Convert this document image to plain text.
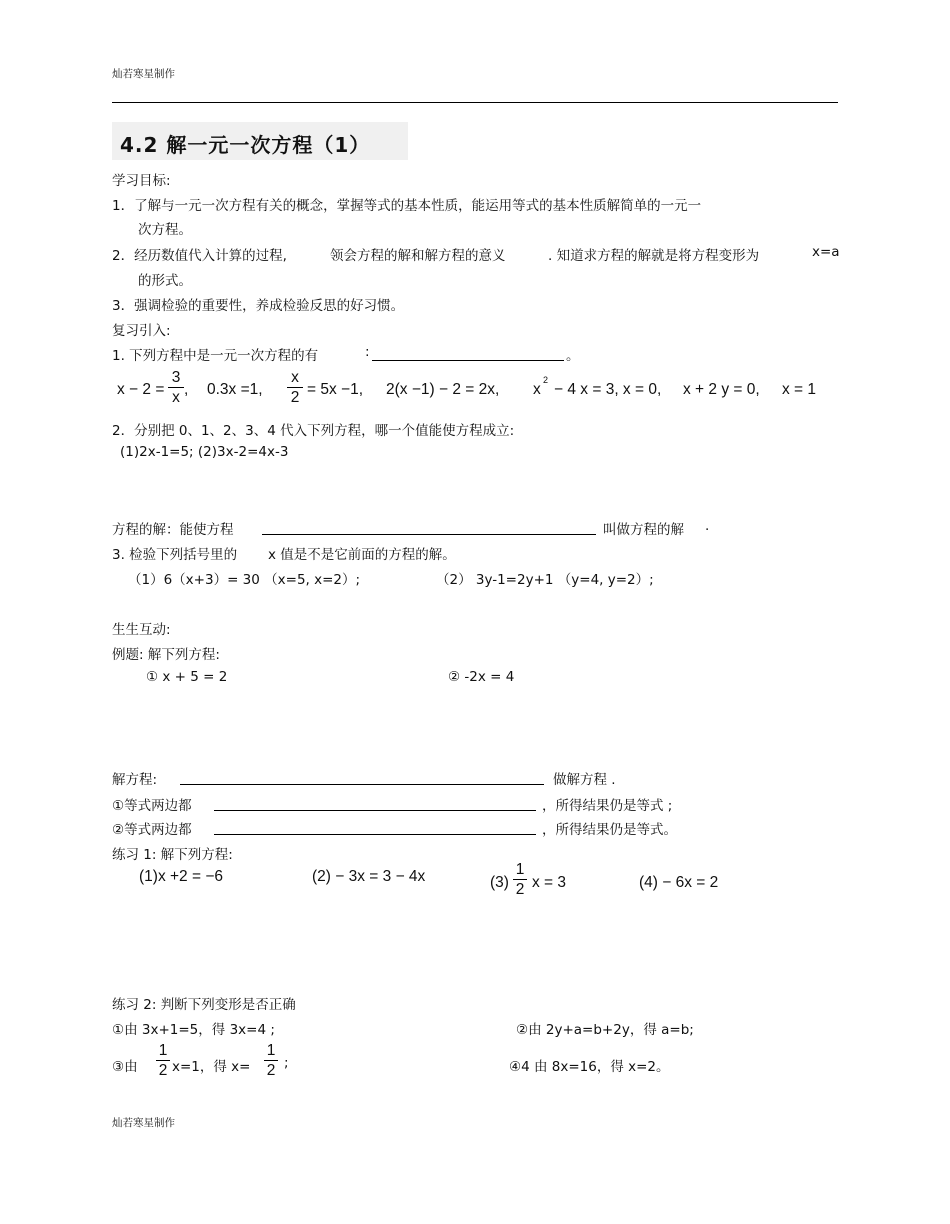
灿若寒星制作
4.2 解一元一次方程（1）
学习目标:
1．了解与一元一次方程有关的概念，掌握等式的基本性质，能运用等式的基本性质解简单的一元一
次方程。
2．经历数值代入计算的过程,	领会方程的解和解方程的意义	. 知道求方程的解就是将方程变形为	x=a
的形式。
3．强调检验的重要性，养成检验反思的好习惯。
复习引入:
1. 下列方程中是一元一次方程的有	:	。
x − 2 =
3
x , 0.3x =1,
x
2 = 5x −1, 2(x −1) − 2 = 2x, x
2
− 4 x = 3, x = 0, x + 2 y = 0, x = 1
2．分别把 0、1、2、3、4 代入下列方程，哪一个值能使方程成立:
(1)2x-1=5; (2)3x-2=4x-3
方程的解：能使方程	叫做方程的解 .
3. 检验下列括号里的 x 值是不是它前面的方程的解。
（1）6（x+3）= 30 （x=5, x=2）;	（2） 3y-1=2y+1 （y=4, y=2）;
生生互动:
例题: 解下列方程:
① x + 5 = 2	② -2x = 4
解方程:	做解方程 .
①等式两边都	，所得结果仍是等式 ;
②等式两边都	，所得结果仍是等式。
练习 1: 解下列方程:
(1)x +2 = −6	(2) − 3x = 3 − 4x	(3)
1
2 x = 3	(4) − 6x = 2
练习 2: 判断下列变形是否正确
①由 3x+1=5，得 3x=4 ;	②由 2y+a=b+2y，得 a=b;
③由
1
2 x=1，得 x=
1
2 ;	④4 由 8x=16，得 x=2。
灿若寒星制作
